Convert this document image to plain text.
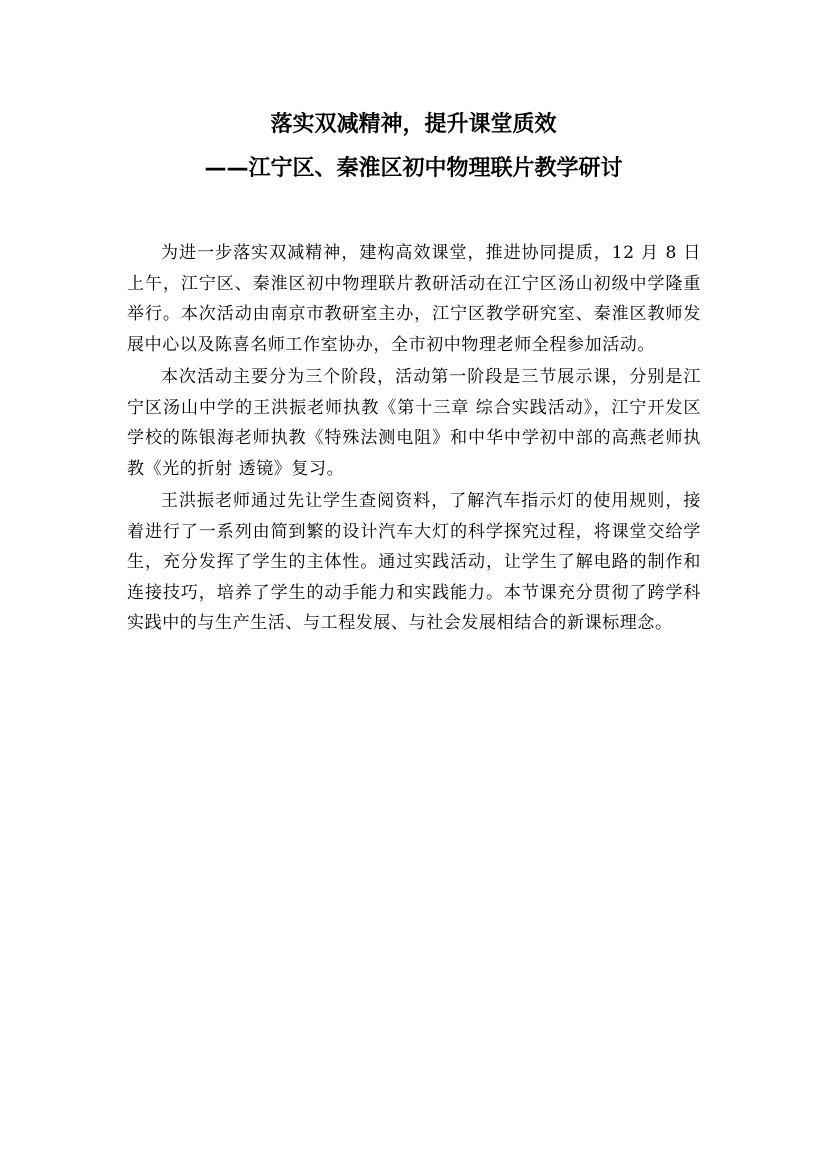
落实双减精神，提升课堂质效
——江宁区、秦淮区初中物理联片教学研讨

为进一步落实双减精神，建构高效课堂，推进协同提质，12 月 8 日上午，江宁区、秦淮区初中物理联片教研活动在江宁区汤山初级中学隆重举行。本次活动由南京市教研室主办，江宁区教学研究室、秦淮区教师发展中心以及陈喜名师工作室协办，全市初中物理老师全程参加活动。

本次活动主要分为三个阶段，活动第一阶段是三节展示课，分别是江宁区汤山中学的王洪振老师执教《第十三章 综合实践活动》，江宁开发区学校的陈银海老师执教《特殊法测电阻》和中华中学初中部的高燕老师执教《光的折射 透镜》复习。

王洪振老师通过先让学生查阅资料，了解汽车指示灯的使用规则，接着进行了一系列由简到繁的设计汽车大灯的科学探究过程，将课堂交给学生，充分发挥了学生的主体性。通过实践活动，让学生了解电路的制作和连接技巧，培养了学生的动手能力和实践能力。本节课充分贯彻了跨学科实践中的与生产生活、与工程发展、与社会发展相结合的新课标理念。
